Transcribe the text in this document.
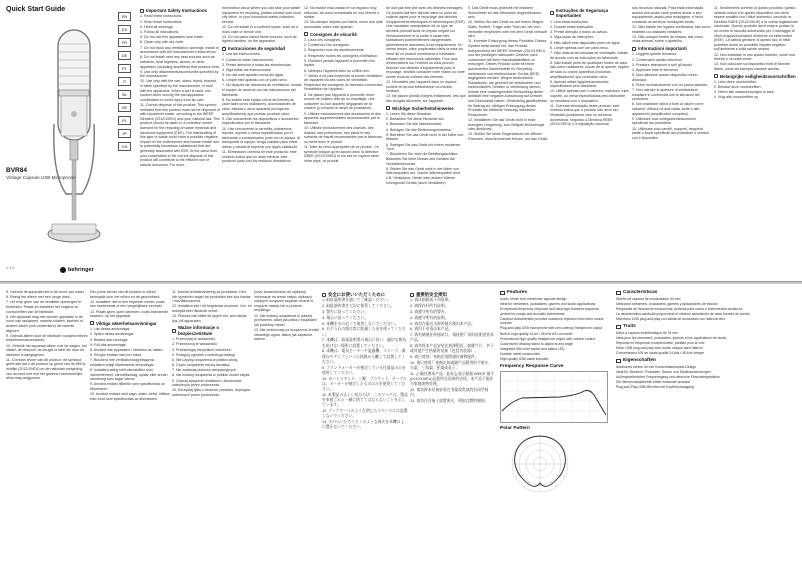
Quick Start Guide
EN
ES
FR
DE
PT
IT
NL
SE
PL
JP
CN
BVR84
Vintage Capsule USB Microphone
V 1.0	behringer
Important Safety Instructions

1. Read these instructions.

2. Keep these instructions.

3. Heed all warnings.

4. Follow all instructions.

5. Do not use this apparatus near water.

6. Clean only with dry cloth.

7. Do not block any ventilation openings. Install in accordance with the manufacturer's instructions.

8. Do not install near any heat sources such as radiators, heat registers, stoves, or other apparatus (including amplifiers) that produce heat.

9. Use only attachments/accessories specified by the manufacturer.

10. Use only with the cart, stand, tripod, bracket, or table specified by the manufacturer, or sold with the apparatus. When a cart is used, use caution when moving the cart/apparatus combination to avoid injury from tip-over.

11. Correct disposal of this product: This symbol indicates that this product must not be disposed of with household waste, according to the WEEE Directive (2012/19/EU) and your national law. This product should be taken to a collection center licensed for the recycling of waste electrical and electronic equipment (EEE). The mishandling of this type of waste could have a possible negative impact on the environment and human health due to potentially hazardous substances that are generally associated with EEE. At the same time, your cooperation in the correct disposal of this product will contribute to the efficient use of natural resources. For more

information about where you can take your waste equipment for recycling, please contact your local city office, or your household waste collection service.

12. Do not install in a confined space, such as a book case or similar unit.

13. Do not place naked flame sources, such as lighted candles, on the apparatus.

Instrucciones de seguridad

1. Lea las instrucciones.

2. Conserve estas instrucciones.

3. Preste atención a todas las advertencias.

4. Siga todas las instrucciones.

5. No use este aparato cerca del agua.

6. Limpie este aparato con un paño seco.

7. No bloquee las aberturas de ventilación. Instale el equipo de acuerdo con las instrucciones del fabricante.

8. No instale este equipo cerca de fuentes de calor tales como radiadores, acumuladores de calor, estufas u otros aparatos (incluyendo amplificadores) que puedan producir calor.

9. Use únicamente los dispositivos o accesorios especificados por el fabricante.

10. Use únicamente la carretilla, plataforma, trípode, soporte o mesa especificados por el fabricante o suministrados junto con el equipo. Al transportar el equipo, tenga cuidado para evitar daños y caídas al tropezar con algún obstáculo.

11. Eliminación correcta de este producto: este símbolo indica que no debe eliminar este producto junto con los residuos domésticos.

12. No instale esta unidad en un espacio muy reducido, tal como encastrada en una librería o similar.

13. No coloque objetos con llama, como una vela encendida, sobre este aparato.

Consignes de sécurité

1. Lisez ces consignes.

2. Conservez ces consignes.

3. Respectez tous les avertissements.

4. Respectez toutes les consignes d'utilisation.

5. N'utilisez jamais l'appareil à proximité d'un liquide.

6. Nettoyez l'appareil avec un chiffon sec.

7. Veillez à ne pas empêcher la bonne ventilation de l'appareil via ses ouïes de ventilation. Respectez les consignes du fabricant concernant l'installation de l'appareil.

8. Ne placez pas l'appareil à proximité d'une source de chaleur telle qu'un chauffage, une cuisinière ou tout appareil dégageant de la chaleur (y compris un ampli de puissance).

9. Utilisez exclusivement des accessoires et des appareils supplémentaires recommandés par le fabricant.

10. Utilisez exclusivement des chariots, des diables, des présentoirs, des pieds et des surfaces de travail recommandés par le fabricant ou livrés avec le produit.

11. Mise au rebut appropriée de ce produit : Ce symbole indique qu'en accord avec la directive DEEE (2012/19/EU) et les lois en vigueur dans votre pays, ce produit

ne doit pas être jeté avec les déchets ménagers. Ce produit doit être déposé dans un point de collecte agréé pour le recyclage des déchets d'équipements électriques et électroniques (EEE). Une mauvaise manipulation de ce type de déchets pourrait avoir un impact négatif sur l'environnement et la santé à cause des substances potentiellement dangereuses généralement associées à ces équipements. En même temps, votre coopération dans la mise au rebut de ce produit contribuera à l'utilisation efficace des ressources naturelles. Pour plus d'informations sur l'endroit où vous pouvez déposer vos déchets d'équipements pour le recyclage, veuillez contacter votre mairie ou votre centre local de collecte des déchets.

12. N'installez pas l'appareil dans un espace confiné tel qu'une bibliothèque ou meuble similaire.

13. Ne placez jamais d'objets enflammés, tels que des bougies allumées, sur l'appareil.

Wichtige Sicherheitshinweise

1. Lesen Sie diese Hinweise.

2. Bewahren Sie diese Hinweise auf.

3. Beachten Sie alle Warnhinweise.

4. Befolgen Sie alle Bedienungshinweise.

5. Betreiben Sie das Gerät nicht in der Nähe von Wasser.

6. Reinigen Sie das Gerät mit einem trockenen Tuch.

7. Blockieren Sie nicht die Belüftungsschlitze. Beachten Sie beim Einbau des Gerätes die Herstellerhinweise.

8. Stellen Sie das Gerät nicht in der Nähe von Wärmequellen auf. Solche Wärmequellen sind z.B. Heizkörper, Herde oder andere Wärme erzeugende Geräte (auch Verstärker).

9. Das Gerät muss jederzeit mit intaktem Schutzleiter an das Stromnetz angeschlossen sein.

10. Stellen Sie das Gerät nur auf einem Wagen, Stativ, Dreifuß, Träger oder Tisch ab, der vom Hersteller empfohlen oder mit dem Gerät verkauft wird.

11. Korrekte Entsorgung dieses Produkts: Dieses Symbol weist darauf hin, das Produkt entsprechend der WEEE Direktive (2012/19/EU) und der jeweiligen nationalen Gesetze nicht zusammen mit Ihren Haushaltsabfällen zu entsorgen. Dieses Produkt sollte bei einer autorisierten Sammelstelle für Recycling elektrischer und elektronischer Geräte (EEE) abgegeben werden. Wegen bedenklicher Substanzen, die generell mit elektrischen und elektronischen Geräten in Verbindung stehen, könnte eine unsachgemäße Behandlung dieser Abfallart eine negative Auswirkung auf Umwelt und Gesundheit haben. Gleichzeitig gewährleistet Ihr Beitrag zur richtigen Entsorgung dieses Produkts die effiziente Nutzung natürlicher Ressourcen.

12. Installieren Sie das Gerät nicht in einer beengten Umgebung, zum Beispiel Bücherregal oder ähnliches.

13. Stellen Sie keine Gegenstände mit offenen Flammen, etwa brennende Kerzen, auf das Gerät.

Instruções de Segurança Importantes

1. Leia estas instruções.

2. Guarde estas instruções.

3. Preste atenção a todos os avisos.

4. Siga todas as instruções.

5. Não utilize este dispositivo perto de água.

6. Limpe apenas com um pano seco.

7. Não obstrua as entradas de ventilação. Instale de acordo com as instruções do fabricante.

8. Não instale perto de quaisquer fontes de calor tais como radiadores, bocas de ar quente, fogões de sala ou outros aparelhos (incluindo amplificadores) que produzam calor.

9. Apenas utilize ligações/acessórios especificados pelo fabricante.

10. Utilize apenas com o carrinho, estrutura, tripé, suporte, ou mesa especificados pelo fabricante ou vendidos com o dispositivo.

11. Correcta eliminação deste produto: este símbolo indica que o produto não deve ser eliminado juntamente com os resíduos domésticos, segundo a Directiva REEE (2012/19/EU) e a legislação nacional.

dos recursos naturais. Para mais informação acerca dos locais onde poderá deixar o seu equipamento usado para reciclagem, é favor contactar os serviços municipais locais.

12. Não instale em lugares confinados, tais como estantes ou unidades similares.

13. Não coloque fontes de chama, tais como velas acesas, sobre o aparelho.

Informazioni importanti

1. Leggere queste istruzioni.

2. Conservare queste istruzioni.

3. Prestare attenzione a tutti gli avvisi.

4. Applicare tutte le istruzioni.

5. Non utilizzare questo dispositivo vicino all'acqua.

6. Pulire esclusivamente con un panno asciutto.

7. Non ostruire le aperture di ventilazione. Installare in conformità con le istruzioni del produttore.

8. Non installare vicino a fonti di calore come radiatori, diffusori di aria calda, stufe o altri apparecchi (amplificatori compresi).

9. Utilizzare solo collegamenti/accessori specificati dal produttore.

10. Utilizzare solo carrelli, supporti, treppiedi, staffe o tavoli specificati dal produttore o venduti con il dispositivo.

11. Smaltimento corretto di questo prodotto: questo simbolo indica che questo dispositivo non deve essere smaltito con i rifiuti domestici, secondo la Direttiva RAEE (2012/19/UE) e la vostra legislazione nazionale. Questo prodotto deve essere portato in un centro di raccolta autorizzato per il riciclaggio di rifiuti di apparecchiature elettriche ed elettroniche (EEE). La cattiva gestione di questo tipo di rifiuti potrebbe avere un possibile impatto negativo sull'ambiente e sulla salute umana.

12. Non installare in uno spazio ristretto, come una libreria o un'unità simile.

13. Non collocare sul dispositivo fonti di fiamme libere, come ad esempio candele accese.

Belangrijke veiligheidsvoorschriften

1. Lees deze voorschriften.

2. Bewaar deze voorschriften.

3. Neem alle waarschuwingen in acht.

4. Volg alle voorschriften op.

5. Gebruik dit apparaat niet in de buurt van water.

6. Reinig het alleen met een droge doek.

7. Let erop geen van de ventilatie-openingen te bedekken. Plaats en installeer het volgens de voorschriften van de fabrikant.

8. Het apparaat mag niet worden geplaatst in de buurt van radiatoren, warmte-uitlaten, kachels of andere zaken (ook versterkers) die warmte afgeven.

9. Gebruik alleen door de fabrikant voorgeschreven toebehoren/accessoires.

10. Gebruik het apparaat alleen met de wagen, het statief, de driepoot, de beugel of tafel die door de fabrikant is aangegeven.

11. Correcte afvoer van dit product: dit symbool geeft aan dat u dit product op grond van de AEEA-richtlijn (2012/19/EU) en de nationale wetgeving van uw land niet met het gewone huishoudelijke afval mag weggooien.

Een juiste afvoer van dit product is uiterst belangrijk voor het milieu en de gezondheid.

12. Installeer niet in een beperkte ruimte, zoals een boekenkast of een vergelijkbare eenheid.

13. Plaats geen open vlammen, zoals brandende kaarsen, op het apparaat.

Viktiga säkerhetsanvisningar

1. Läs dessa anvisningar.

2. Spara dessa anvisningar.

3. Beakta alla varningar.

4. Följ alla anvisningar.

5. Använd inte apparaten i närheten av vatten.

6. Rengör endast med torr trasa.

7. Blockera inte ventilationsöppningarna. Installera enligt tillverkarens anvisningar.

8. Installera aldrig intill värmekällor som värmeelement, varmluftsintag, spisar eller annan utrustning som avger värme.

9. Använd endast tillbehör som specificerats av tillverkaren.

10. Använd endast med vagn, stativ, trefot, hållare eller bord som specificerats av tillverkaren.

11. Korrekt avfallshantering av produkten: Den här symbolen anger att produkten inte ska kastas i hushållssoporna.

12. Installera inte i ett begränsat utrymme, t.ex. en bokhylla eller liknande enhet.

13. Placera inte källor till öppen eld, som tända ljus, på apparaten.

Ważne informacje o bezpieczeństwie

1. Przeczytaj te wskazówki.

2. Przechowuj te wskazówki.

3. Przestrzegaj wszystkich ostrzeżeń.

4. Postępuj zgodnie z instrukcją obsługi.

5. Nie używaj urządzenia w pobliżu wody.

6. Czyść urządzenie suchą szmatką.

7. Nie zasłaniaj otworów wentylacyjnych.

8. Nie instaluj urządzenia w pobliżu źródeł ciepła.

9. Używaj wyłącznie dodatków i akcesoriów zaleconych przez producenta.

10. Korzystaj tylko z wózków, podstaw, trójnogów zaleconych przez producenta.

przez konsumentów do utylizacji. Informacje na temat miejsc utylizacji zużytych urządzeń uzyskać można w urzędzie miasta lub w punkcie recyklingu.

12. Nie instaluj urządzenia w ciasnej przestrzeni, takiej jak półka z książkami lub podobny mebel.

13. Nie umieszczaj na urządzeniu źródeł otwartego ognia, takich jak zapalone świece.

安全にお使いいただくために

1. 取扱説明書を通してご確認ください。

2. 取扱説明書を大切に保管してください。

3. 警告に従ってください。

4. 指示に従ってください。

5. 本機を水の近くで使用しないでください。

6. お手入れの際は常に乾燥した布を使ってください。

7. 本機は、取扱説明書の指示に従い、適切な換気を妨げない場所に設置してください。

8. 本機は、電気ヒーターや温風機、ストーブ、調理台やアンプといった熱源から離して設置してください。

9. ブランドメーカーが指定している付属品のみを使用してください。

10. カートスタンド、三脚、ブラケット、テーブルは、メーカーが指定したもののみを使用してください。

11. 本製品の正しい処分方法：このマークは、製品を家庭ごみと一緒に捨ててはならないことを示しています。

12. ブックケースのような閉じたスペースには設置しないでください。

13. 火のついたろうそくのような裸火を本機の上に置かないでください。

重要的安全须知

1. 请详细阅读下列说明。

2. 请保存好所有说明。

3. 请遵守所有的警告。

4. 请遵守所有的说明。

5. 请勿在靠近水源的地方使用本产品。

6. 请用干布清洁本产品。

7. 请勿堵塞任何通风口。请按照厂家的说明安装本产品。

8. 请勿将本产品安装在热源附近，如暖气片、炉子或其他产生热量的设备（包括功放器）。

9. 请只使用厂家指定的附属设备和配件。

10. 请只使用厂家指定的或随产品附带的手推车、支架、三角架、托架或桌子。

11. 正确处理本产品：此标志表示根据 WEEE 指令(2012/19/EU)及您所在国家的法律，本产品不能作为家庭废物处理。

12. 请勿将本设备安装在书架或类似的封闭空间内。

13. 请勿在设备上放置明火，例如点燃的蜡烛。

Features

Iconic 34mm true condenser capsule design

Ideal for streamers, podcasters, gamers and studio applications

Exceptional frequency response and ultra-high transient response, perfect for vocals and acoustic instruments

Cardioid characteristic provides maximum rejection from other sound sources

Plug-and-play USB microphone with zero-latency headphone output

Built-in high quality 24-bit / 48 kHz A/D converter

Professional high-quality headphone output with volume control

Customized desktop stand to adjust at any angle

Integrated Mic mute switch and status LED

Durable metal construction

High-quality USB cable included

Frequency Response Curve
Polar Pattern
Características

Diseño de cápsula de condensador 34 mm

Ideal para streamers, podcasters, gamers y aplicaciones de estudio

Respuesta de frecuencia excepcional, perfecta para voces e instrumentos acústicos

La característica cardioide proporciona el máximo aislamiento de otras fuentes de sonido

Micrófono USB plug-and-play con salida de auriculares con latencia cero

Traits

Micro à capsule emblématique de 34 mm

Idéal pour les streamers, podcasters, joueurs et les applications de studio

Réponse en fréquence exceptionnelle, parfaite pour la voix

Micro USB plug-and-play avec sortie casque sans latence

Convertisseur A/N de haute qualité 24 bits / 48 kHz intégré

Eigenschaften

Ikonisches echtes 34 mm Kondensatorkapsel-Design

Ideal für Streamer, Podcaster, Gamer und Studioanwendungen

Außergewöhnlicher Frequenzgang und ultrahohe Einschwingreaktion

Die Nierencharakteristik bietet maximale Isolation

Plug-and-Play-USB-Mikrofon mit Kopfhörerausgang
